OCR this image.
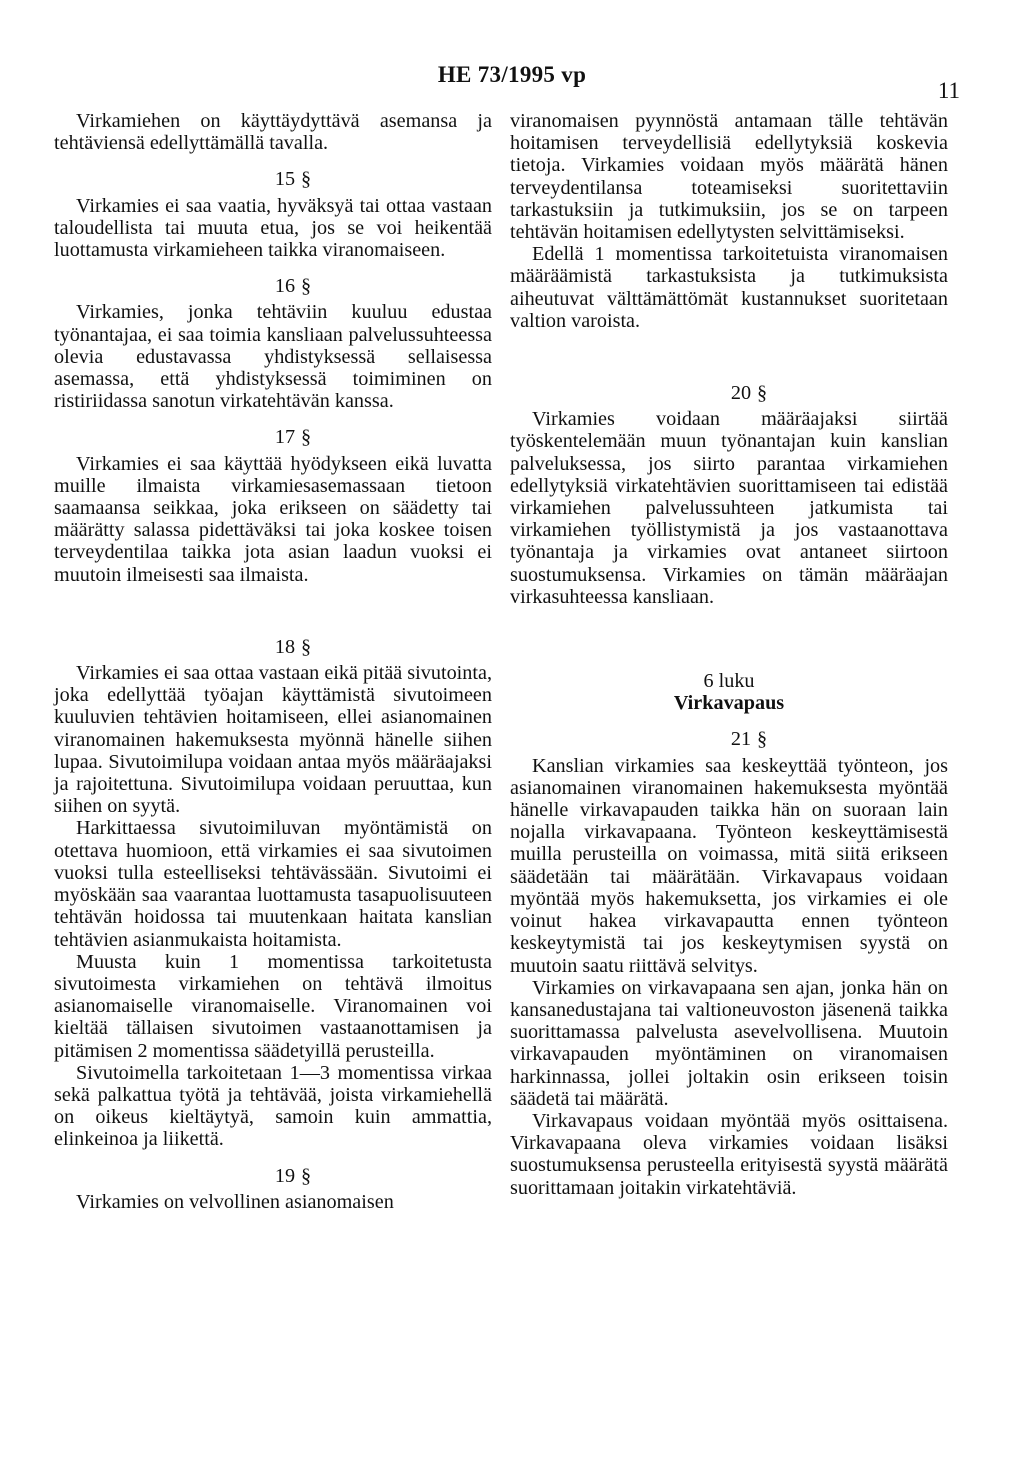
HE 73/1995 vp
11

Virkamiehen on käyttäydyttävä asemansa ja tehtäviensä edellyttämällä tavalla.

15 §

Virkamies ei saa vaatia, hyväksyä tai ottaa vastaan taloudellista tai muuta etua, jos se voi heikentää luottamusta virkamieheen taikka viranomaiseen.

16 §

Virkamies, jonka tehtäviin kuuluu edustaa työnantajaa, ei saa toimia kansliaan palvelussuhteessa olevia edustavassa yhdistyksessä sellaisessa asemassa, että yhdistyksessä toimiminen on ristiriidassa sanotun virkatehtävän kanssa.

17 §

Virkamies ei saa käyttää hyödykseen eikä luvatta muille ilmaista virkamiesasemassaan tietoon saamaansa seikkaa, joka erikseen on säädetty tai määrätty salassa pidettäväksi tai joka koskee toisen terveydentilaa taikka jota asian laadun vuoksi ei muutoin ilmeisesti saa ilmaista.

18 §

Virkamies ei saa ottaa vastaan eikä pitää sivutointa, joka edellyttää työajan käyttämistä sivutoimeen kuuluvien tehtävien hoitamiseen, ellei asianomainen viranomainen hakemuksesta myönnä hänelle siihen lupaa. Sivutoimilupa voidaan antaa myös määräajaksi ja rajoitettuna. Sivutoimilupa voidaan peruuttaa, kun siihen on syytä.

Harkittaessa sivutoimiluvan myöntämistä on otettava huomioon, että virkamies ei saa sivutoimen vuoksi tulla esteelliseksi tehtävässään. Sivutoimi ei myöskään saa vaarantaa luottamusta tasapuolisuuteen tehtävän hoidossa tai muutenkaan haitata kanslian tehtävien asianmukaista hoitamista.

Muusta kuin 1 momentissa tarkoitetusta sivutoimesta virkamiehen on tehtävä ilmoitus asianomaiselle viranomaiselle. Viranomainen voi kieltää tällaisen sivutoimen vastaanottamisen ja pitämisen 2 momentissa säädetyillä perusteilla.

Sivutoimella tarkoitetaan 1—3 momentissa virkaa sekä palkattua työtä ja tehtävää, joista virkamiehellä on oikeus kieltäytyä, samoin kuin ammattia, elinkeinoa ja liikettä.

19 §

Virkamies on velvollinen asianomaisen

viranomaisen pyynnöstä antamaan tälle tehtävän hoitamisen terveydellisiä edellytyksiä koskevia tietoja. Virkamies voidaan myös määrätä hänen terveydentilansa toteamiseksi suoritettaviin tarkastuksiin ja tutkimuksiin, jos se on tarpeen tehtävän hoitamisen edellytysten selvittämiseksi.

Edellä 1 momentissa tarkoitetuista viranomaisen määräämistä tarkastuksista ja tutkimuksista aiheutuvat välttämättömät kustannukset suoritetaan valtion varoista.

20 §

Virkamies voidaan määräajaksi siirtää työskentelemään muun työnantajan kuin kanslian palveluksessa, jos siirto parantaa virkamiehen edellytyksiä virkatehtävien suorittamiseen tai edistää virkamiehen palvelussuhteen jatkumista tai virkamiehen työllistymistä ja jos vastaanottava työnantaja ja virkamies ovat antaneet siirtoon suostumuksensa. Virkamies on tämän määräajan virkasuhteessa kansliaan.

6 luku
Virkavapaus
21 §

Kanslian virkamies saa keskeyttää työnteon, jos asianomainen viranomainen hakemuksesta myöntää hänelle virkavapauden taikka hän on suoraan lain nojalla virkavapaana. Työnteon keskeyttämisestä muilla perusteilla on voimassa, mitä siitä erikseen säädetään tai määrätään. Virkavapaus voidaan myöntää myös hakemuksetta, jos virkamies ei ole voinut hakea virkavapautta ennen työnteon keskeytymistä tai jos keskeytymisen syystä on muutoin saatu riittävä selvitys.

Virkamies on virkavapaana sen ajan, jonka hän on kansanedustajana tai valtioneuvoston jäsenenä taikka suorittamassa palvelusta asevelvollisena. Muutoin virkavapauden myöntäminen on viranomaisen harkinnassa, jollei joltakin osin erikseen toisin säädetä tai määrätä.

Virkavapaus voidaan myöntää myös osittaisena. Virkavapaana oleva virkamies voidaan lisäksi suostumuksensa perusteella erityisestä syystä määrätä suorittamaan joitakin virkatehtäviä.
